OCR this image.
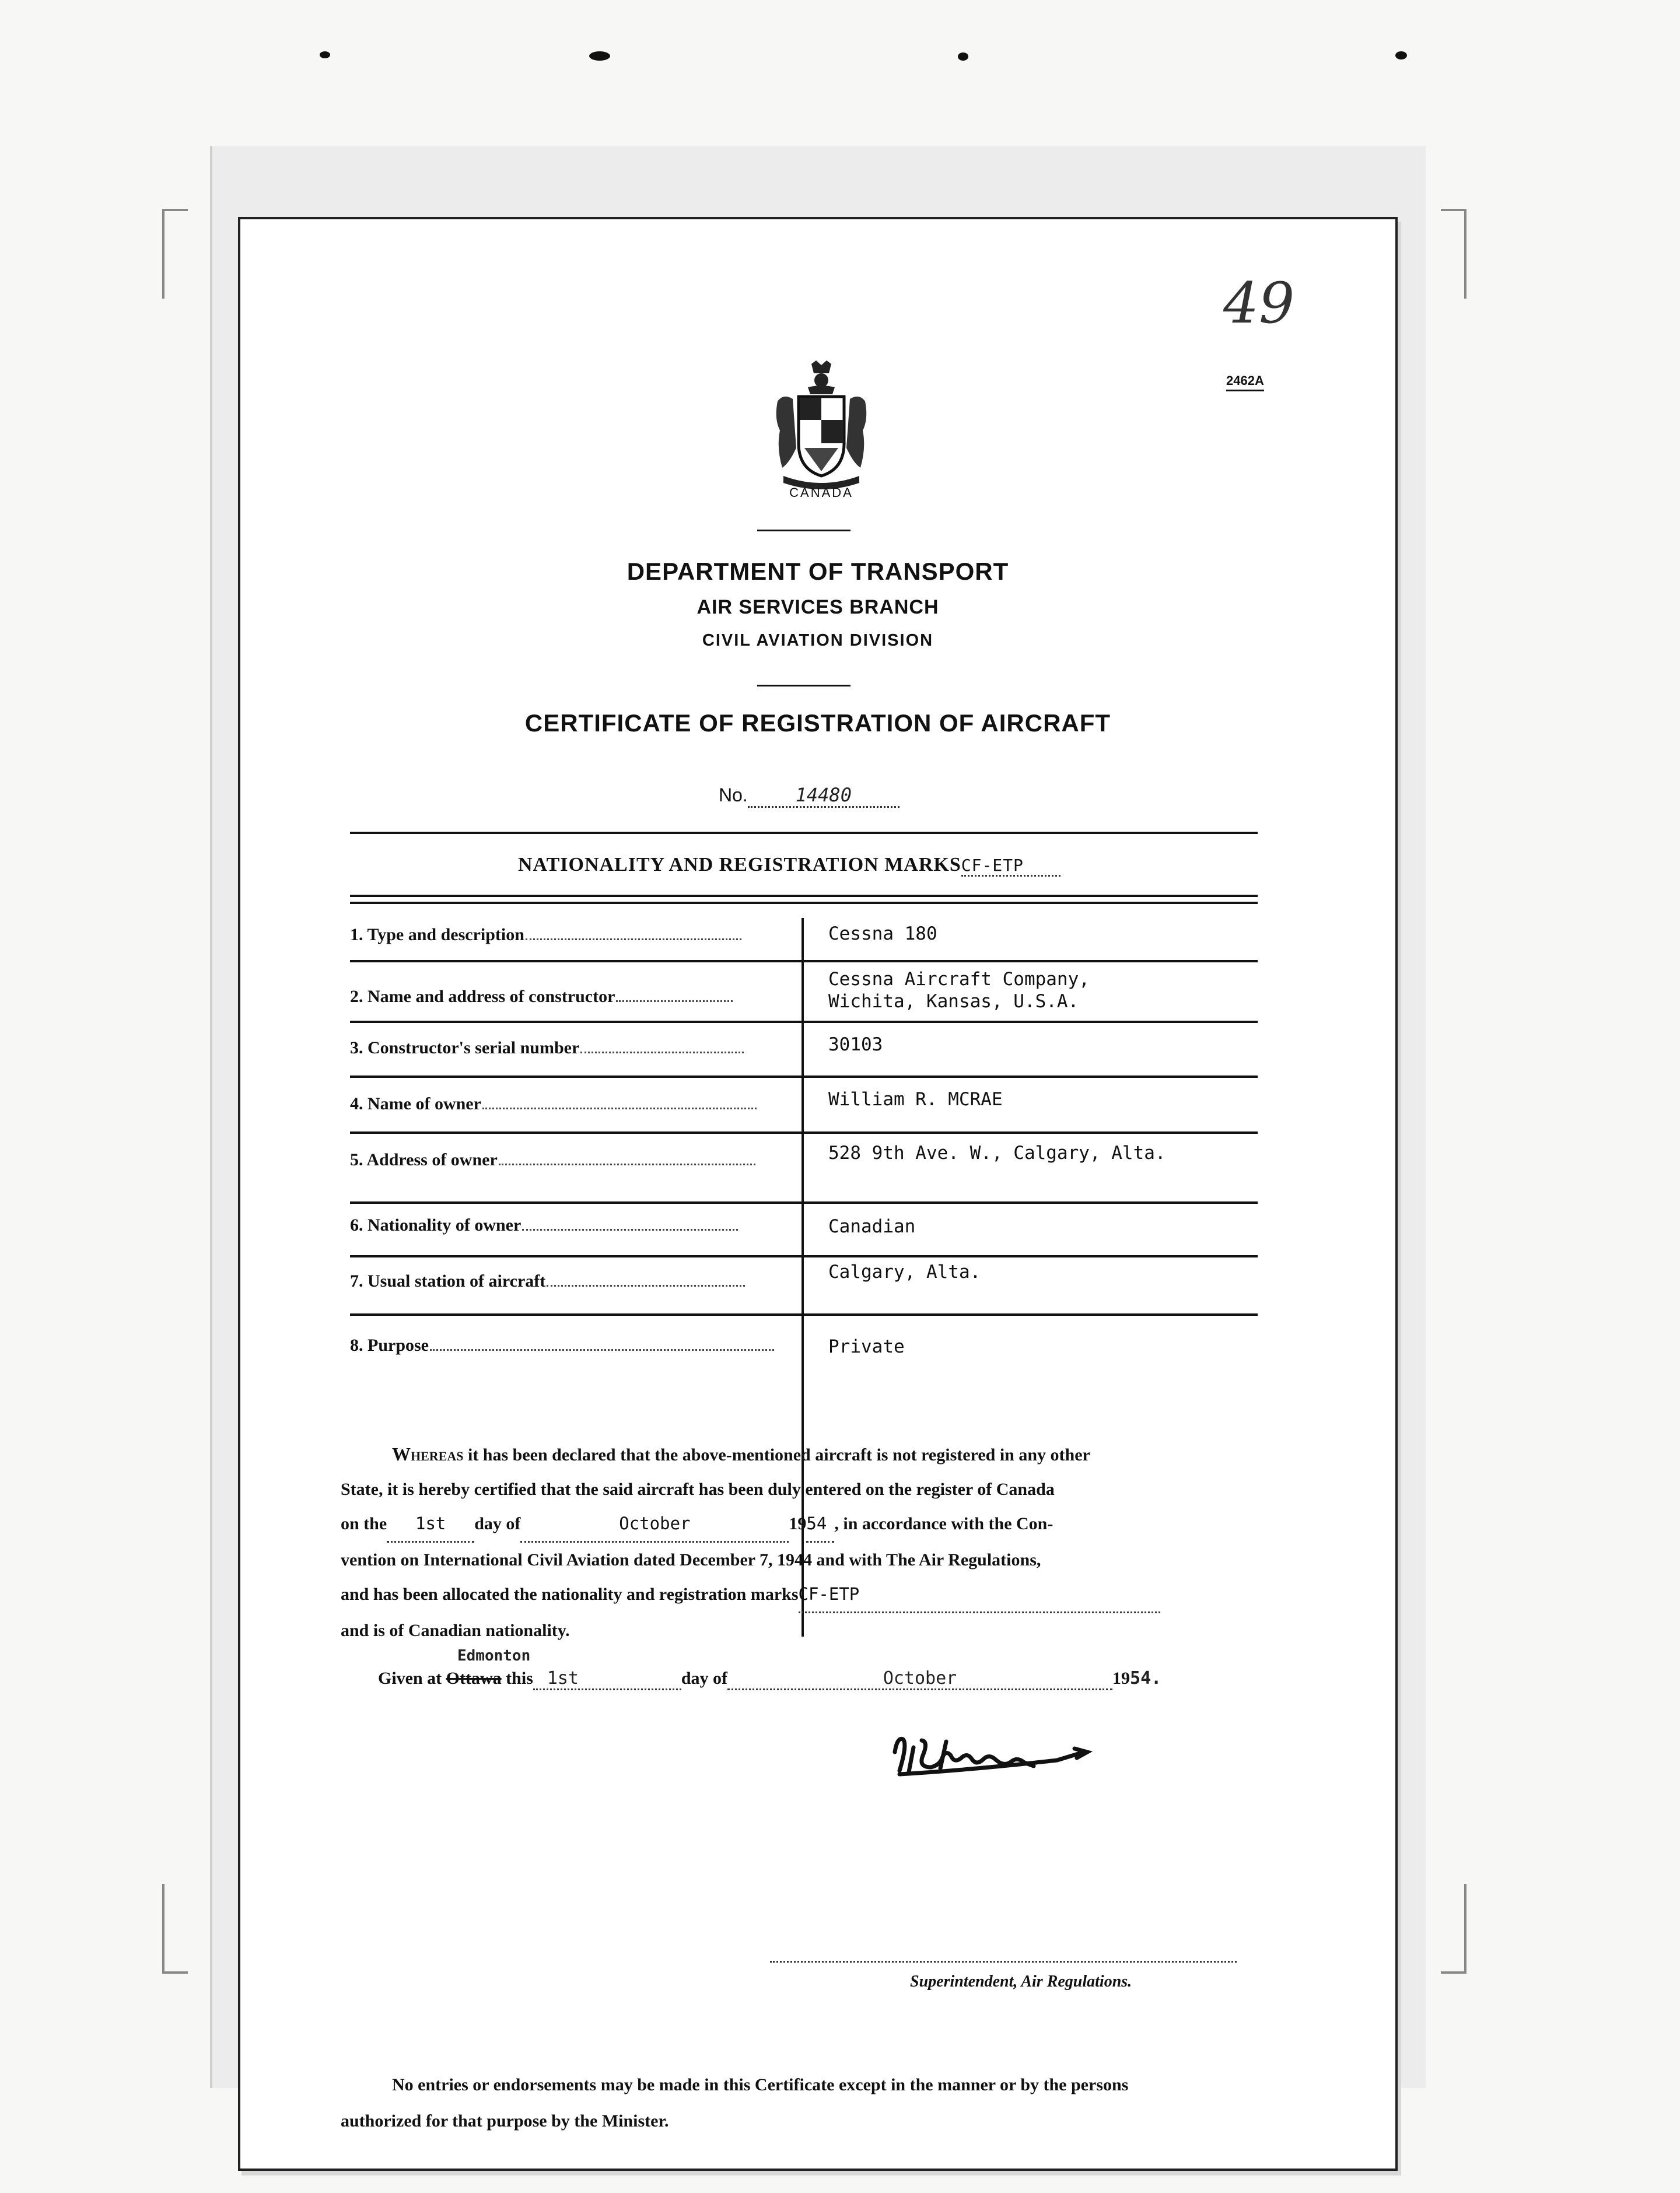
49
2462A
CANADA
DEPARTMENT OF TRANSPORT
AIR SERVICES BRANCH
CIVIL AVIATION DIVISION
CERTIFICATE OF REGISTRATION OF AIRCRAFT
No.	14480
NATIONALITY AND REGISTRATION MARKSCF-ETP
1. Type and description	Cessna 180
2. Name and address of constructor
Cessna Aircraft Company,
Wichita, Kansas, U.S.A.
3. Constructor's serial number	30103
4. Name of owner	William R. MCRAE
5. Address of owner	528 9th Ave. W., Calgary, Alta.
6. Nationality of owner	Canadian
7. Usual station of aircraft	Calgary, Alta.
8. Purpose	Private
Whereas it has been declared that the above-mentioned aircraft is not registered in any other
State, it is hereby certified that the said aircraft has been duly entered on the register of Canada
on the 1st day of	October	1954 , in accordance with the Con-
vention on International Civil Aviation dated December 7, 1944 and with The Air Regulations,
and has been allocated the nationality and registration marksCF-ETP
and is of Canadian nationality.
Edmonton
Given at Ottawa this 1st	day of	October	1954.
Superintendent, Air Regulations.
No entries or endorsements may be made in this Certificate except in the manner or by the persons
authorized for that purpose by the Minister.
